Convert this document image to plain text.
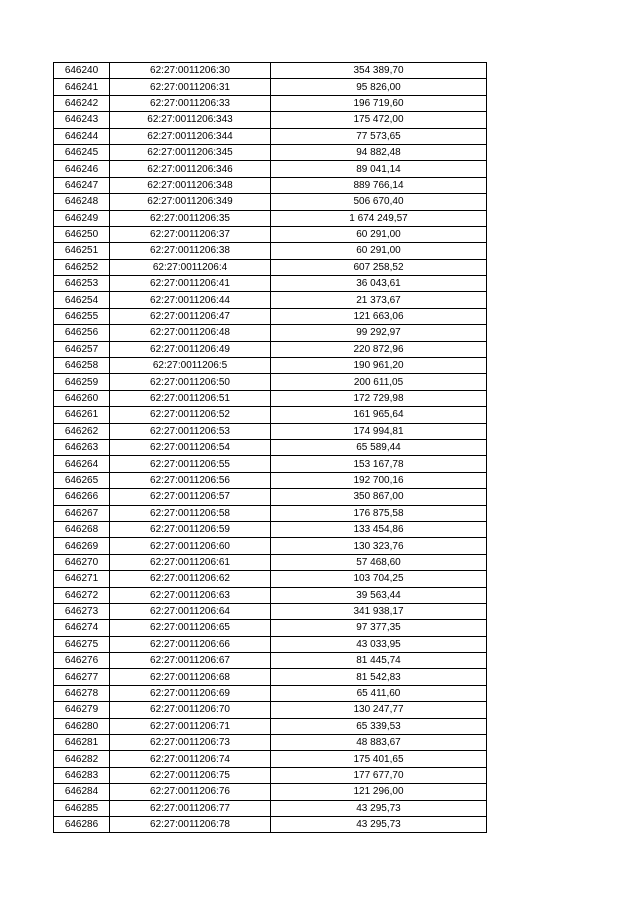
646240	62:27:0011206:30	354 389,70
646241	62:27:0011206:31	95 826,00
646242	62:27:0011206:33	196 719,60
646243	62:27:0011206:343	175 472,00
646244	62:27:0011206:344	77 573,65
646245	62:27:0011206:345	94 882,48
646246	62:27:0011206:346	89 041,14
646247	62:27:0011206:348	889 766,14
646248	62:27:0011206:349	506 670,40
646249	62:27:0011206:35	1 674 249,57
646250	62:27:0011206:37	60 291,00
646251	62:27:0011206:38	60 291,00
646252	62:27:0011206:4	607 258,52
646253	62:27:0011206:41	36 043,61
646254	62:27:0011206:44	21 373,67
646255	62:27:0011206:47	121 663,06
646256	62:27:0011206:48	99 292,97
646257	62:27:0011206:49	220 872,96
646258	62:27:0011206:5	190 961,20
646259	62:27:0011206:50	200 611,05
646260	62:27:0011206:51	172 729,98
646261	62:27:0011206:52	161 965,64
646262	62:27:0011206:53	174 994,81
646263	62:27:0011206:54	65 589,44
646264	62:27:0011206:55	153 167,78
646265	62:27:0011206:56	192 700,16
646266	62:27:0011206:57	350 867,00
646267	62:27:0011206:58	176 875,58
646268	62:27:0011206:59	133 454,86
646269	62:27:0011206:60	130 323,76
646270	62:27:0011206:61	57 468,60
646271	62:27:0011206:62	103 704,25
646272	62:27:0011206:63	39 563,44
646273	62:27:0011206:64	341 938,17
646274	62:27:0011206:65	97 377,35
646275	62:27:0011206:66	43 033,95
646276	62:27:0011206:67	81 445,74
646277	62:27:0011206:68	81 542,83
646278	62:27:0011206:69	65 411,60
646279	62:27:0011206:70	130 247,77
646280	62:27:0011206:71	65 339,53
646281	62:27:0011206:73	48 883,67
646282	62:27:0011206:74	175 401,65
646283	62:27:0011206:75	177 677,70
646284	62:27:0011206:76	121 296,00
646285	62:27:0011206:77	43 295,73
646286	62:27:0011206:78	43 295,73
